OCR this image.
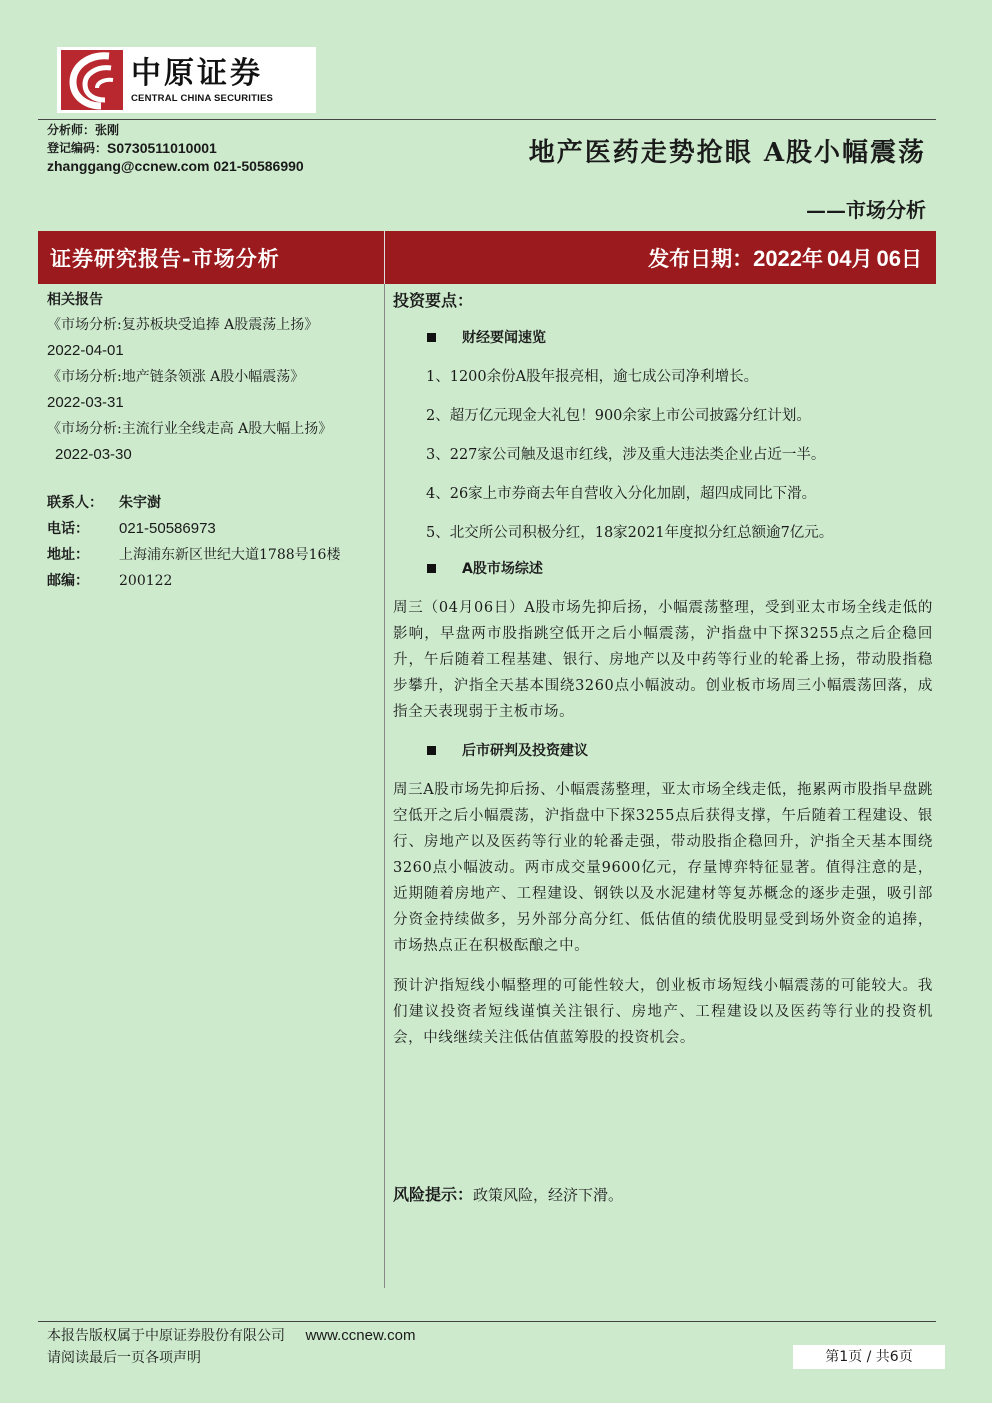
中原证券
CENTRAL CHINA SECURITIES
分析师： 张刚
登记编码： S0730511010001
zhanggang@ccnew.com 021-50586990	地产医药走势抢眼 A股小幅震荡
——市场分析
证券研究报告-市场分析	发布日期： 2022 年 04 月 06 日
相关报告
《市场分析:复苏板块受追捧 A股震荡上扬》
2022-04-01
《市场分析:地产链条领涨 A股小幅震荡》
2022-03-31
《市场分析:主流行业全线走高 A股大幅上扬》 2022-03-30
联系人：	朱宇澍
电话：	021-50586973
地址：	上海浦东新区世纪大道1788号16楼
邮编：	200122
投资要点：
财经要闻速览
1、1200余份A股年报亮相，逾七成公司净利增长。
2、超万亿元现金大礼包！900余家上市公司披露分红计划。
3、227家公司触及退市红线，涉及重大违法类企业占近一半。
4、26家上市券商去年自营收入分化加剧，超四成同比下滑。
5、北交所公司积极分红，18家2021年度拟分红总额逾7亿元。
A股市场综述
周三（04月06日）A股市场先抑后扬，小幅震荡整理，受到亚太市场全线走低的影响，早盘两市股指跳空低开之后小幅震荡，沪指盘中下探3255点之后企稳回升，午后随着工程基建、银行、房地产以及中药等行业的轮番上扬，带动股指稳步攀升，沪指全天基本围绕3260点小幅波动。创业板市场周三小幅震荡回落，成指全天表现弱于主板市场。
后市研判及投资建议
周三A股市场先抑后扬、小幅震荡整理，亚太市场全线走低，拖累两市股指早盘跳空低开之后小幅震荡，沪指盘中下探3255点后获得支撑，午后随着工程建设、银行、房地产以及医药等行业的轮番走强，带动股指企稳回升，沪指全天基本围绕3260点小幅波动。两市成交量9600亿元，存量博弈特征显著。值得注意的是，近期随着房地产、工程建设、钢铁以及水泥建材等复苏概念的逐步走强，吸引部分资金持续做多，另外部分高分红、低估值的绩优股明显受到场外资金的追捧，市场热点正在积极酝酿之中。
预计沪指短线小幅整理的可能性较大，创业板市场短线小幅震荡的可能较大。我们建议投资者短线谨慎关注银行、房地产、工程建设以及医药等行业的投资机会，中线继续关注低估值蓝筹股的投资机会。
风险提示：政策风险，经济下滑。
本报告版权属于中原证券股份有限公司 www.ccnew.com
请阅读最后一页各项声明	第1页 / 共6页
